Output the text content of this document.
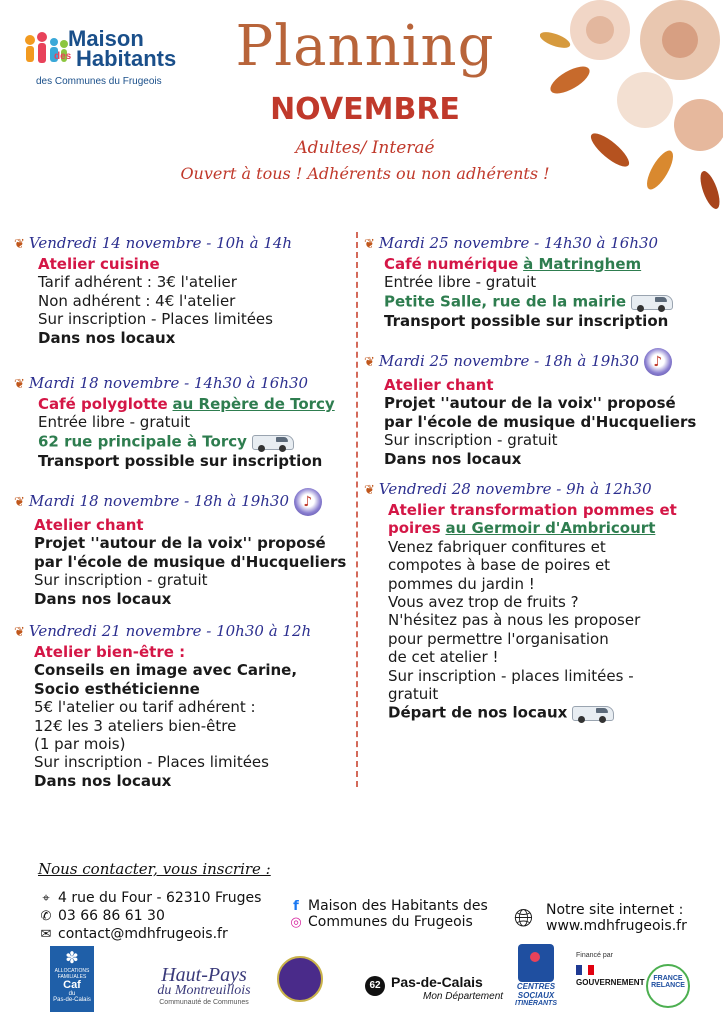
Maison
des Habitants
des Communes du Frugeois
Planning
NOVEMBRE
Adultes/ Interaé
Ouvert à tous ! Adhérents ou non adhérents !
❦ Vendredi 14 novembre - 10h à 14h
Atelier cuisine
Tarif adhérent : 3€ l'atelier
Non adhérent : 4€ l'atelier
Sur inscription - Places limitées
Dans nos locaux
❦ Mardi 18 novembre - 14h30 à 16h30
Café polyglotte au Repère de Torcy
Entrée libre - gratuit
62 rue principale à Torcy
Transport possible sur inscription
❦ Mardi 18 novembre - 18h à 19h30 ♪
Atelier chant
Projet ''autour de la voix'' proposé
par l'école de musique d'Hucqueliers
Sur inscription - gratuit
Dans nos locaux
❦ Vendredi 21 novembre - 10h30 à 12h
Atelier bien-être :
Conseils en image avec Carine,
Socio esthéticienne
5€ l'atelier ou tarif adhérent :
12€ les 3 ateliers bien-être
(1 par mois)
Sur inscription - Places limitées
Dans nos locaux
❦ Mardi 25 novembre - 14h30 à 16h30
Café numérique à Matringhem
Entrée libre - gratuit
Petite Salle, rue de la mairie
Transport possible sur inscription
❦ Mardi 25 novembre - 18h à 19h30 ♪
Atelier chant
Projet ''autour de la voix'' proposé
par l'école de musique d'Hucqueliers
Sur inscription - gratuit
Dans nos locaux
❦ Vendredi 28 novembre - 9h à 12h30
Atelier transformation pommes et
poires au Germoir d'Ambricourt
Venez fabriquer confitures et
compotes à base de poires et
pommes du jardin !
Vous avez trop de fruits ?
N'hésitez pas à nous les proposer
pour permettre l'organisation
de cet atelier !
Sur inscription - places limitées -
gratuit
Départ de nos locaux
Nous contacter, vous inscrire :
⌖ 4 rue du Four - 62310 Fruges
✆ 03 66 86 61 30
✉ contact@mdhfrugeois.fr
f Maison des Habitants des
◎ Communes du Frugeois	🌐︎ Notre site internet :
www.mdhfrugeois.fr
✽
ALLOCATIONS
FAMILIALES
Caf
du
Pas-de-Calais
Haut-Pays
du Montreuillois
Communauté de Communes
62 Pas-de-Calais
Mon Département
CENTRES
SOCIAUX
ITINÉRANTS
Financé par
GOUVERNEMENT	FRANCE
RELANCE
